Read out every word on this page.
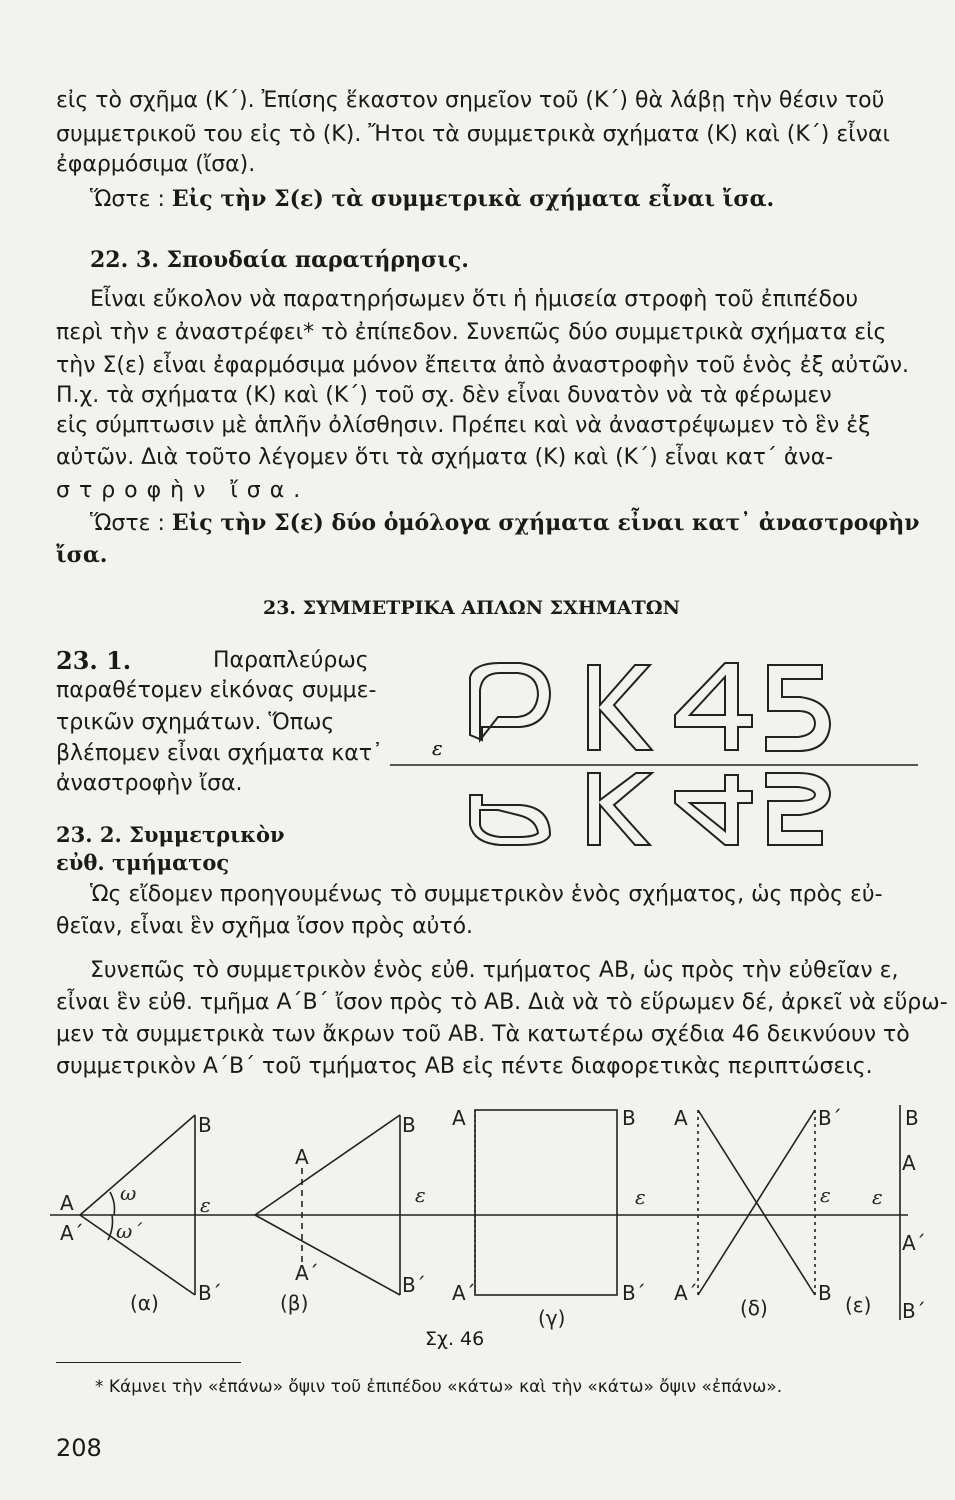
εἰς τὸ σχῆμα (Κ΄). Ἐπίσης ἕκαστον σημεῖον τοῦ (Κ΄) θὰ λάβῃ τὴν θέσιν τοῦ
συμμετρικοῦ του εἰς τὸ (Κ). Ἤτοι τὰ συμμετρικὰ σχήματα (Κ) καὶ (Κ΄) εἶναι
ἐφαρμόσιμα (ἴσα).
Ὥστε : Εἰς τὴν Σ(ε) τὰ συμμετρικὰ σχήματα εἶναι ἴσα.
22. 3. Σπουδαία παρατήρησις.
Εἶναι εὔκολον νὰ παρατηρήσωμεν ὅτι ἡ ἡμισεία στροφὴ τοῦ ἐπιπέδου
περὶ τὴν ε ἀναστρέφει* τὸ ἐπίπεδον. Συνεπῶς δύο συμμετρικὰ σχήματα εἰς
τὴν Σ(ε) εἶναι ἐφαρμόσιμα μόνον ἔπειτα ἀπὸ ἀναστροφὴν τοῦ ἑνὸς ἐξ αὐτῶν.
Π.χ. τὰ σχήματα (Κ) καὶ (Κ΄) τοῦ σχ. δὲν εἶναι δυνατὸν νὰ τὰ φέρωμεν
εἰς σύμπτωσιν μὲ ἁπλῆν ὀλίσθησιν. Πρέπει καὶ νὰ ἀναστρέψωμεν τὸ ἓν ἐξ
αὐτῶν. Διὰ τοῦτο λέγομεν ὅτι τὰ σχήματα (Κ) καὶ (Κ΄) εἶναι κατ΄ ἀνα-
στροφὴν ἴσα.
Ὥστε : Εἰς τὴν Σ(ε) δύο ὁμόλογα σχήματα εἶναι κατ᾽ ἀναστροφὴν
ἴσα.
23. ΣΥΜΜΕΤΡΙΚΑ ΑΠΛΩΝ ΣΧΗΜΑΤΩΝ
23. 1.	Παραπλεύρως
παραθέτομεν εἰκόνας συμμε-
τρικῶν σχημάτων. Ὅπως
βλέπομεν εἶναι σχήματα κατ᾽
ἀναστροφὴν ἴσα.
23. 2. Συμμετρικὸν
εὐθ. τμήματος
ε
Ὡς εἴδομεν προηγουμένως τὸ συμμετρικὸν ἑνὸς σχήματος, ὡς πρὸς εὐ-
θεῖαν, εἶναι ἓν σχῆμα ἴσον πρὸς αὐτό.
Συνεπῶς τὸ συμμετρικὸν ἑνὸς εὐθ. τμήματος ΑΒ, ὡς πρὸς τὴν εὐθεῖαν ε,
εἶναι ἓν εὐθ. τμῆμα Α΄Β΄ ἴσον πρὸς τὸ ΑΒ. Διὰ νὰ τὸ εὕρωμεν δέ, ἀρκεῖ νὰ εὕρω-
μεν τὰ συμμετρικὰ των ἄκρων τοῦ ΑΒ. Τὰ κατωτέρω σχέδια 46 δεικνύουν τὸ
συμμετρικὸν Α΄Β΄ τοῦ τμήματος ΑΒ εἰς πέντε διαφορετικὰς περιπτώσεις.
A
A΄
B
B΄
ω
ω΄
ε
(α)
A
A΄
B
B΄
ε
(β)
A
A΄
B
B΄
ε
(γ)
A
A΄
B΄
B
ε
(δ)
B
A
A΄
B΄
ε
(ε)
Σχ. 46
* Κάμνει τὴν «ἐπάνω» ὄψιν τοῦ ἐπιπέδου «κάτω» καὶ τὴν «κάτω» ὄψιν «ἐπάνω».
208
